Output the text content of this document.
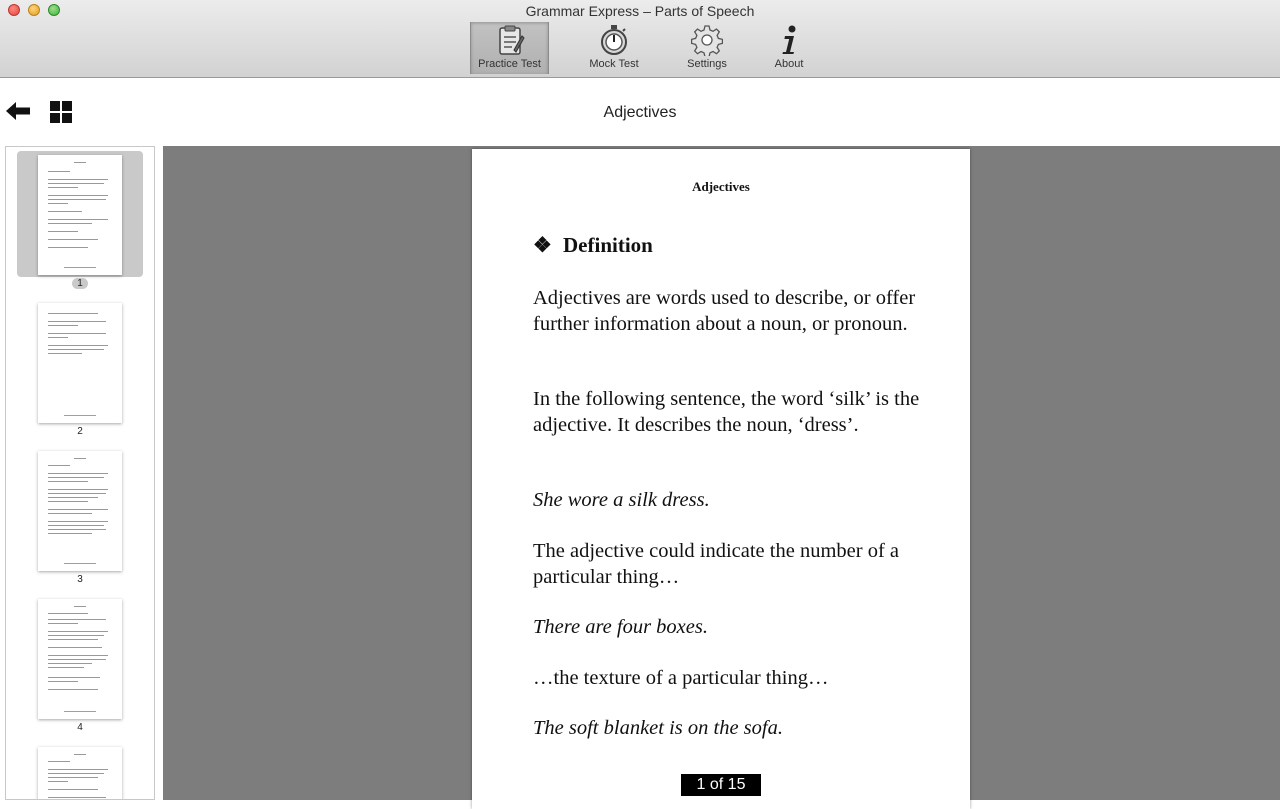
Grammar Express – Parts of Speech
Practice Test	Mock Test	Settings	About
Adjectives
1
2
3
4
Adjectives
❖ Definition
Adjectives are words used to describe, or offer further information about a noun, or pronoun.
In the following sentence, the word ‘silk’ is the adjective. It describes the noun, ‘dress’.
She wore a silk dress.
The adjective could indicate the number of a particular thing…
There are four boxes.
…the texture of a particular thing…
The soft blanket is on the sofa.
1 of 15
